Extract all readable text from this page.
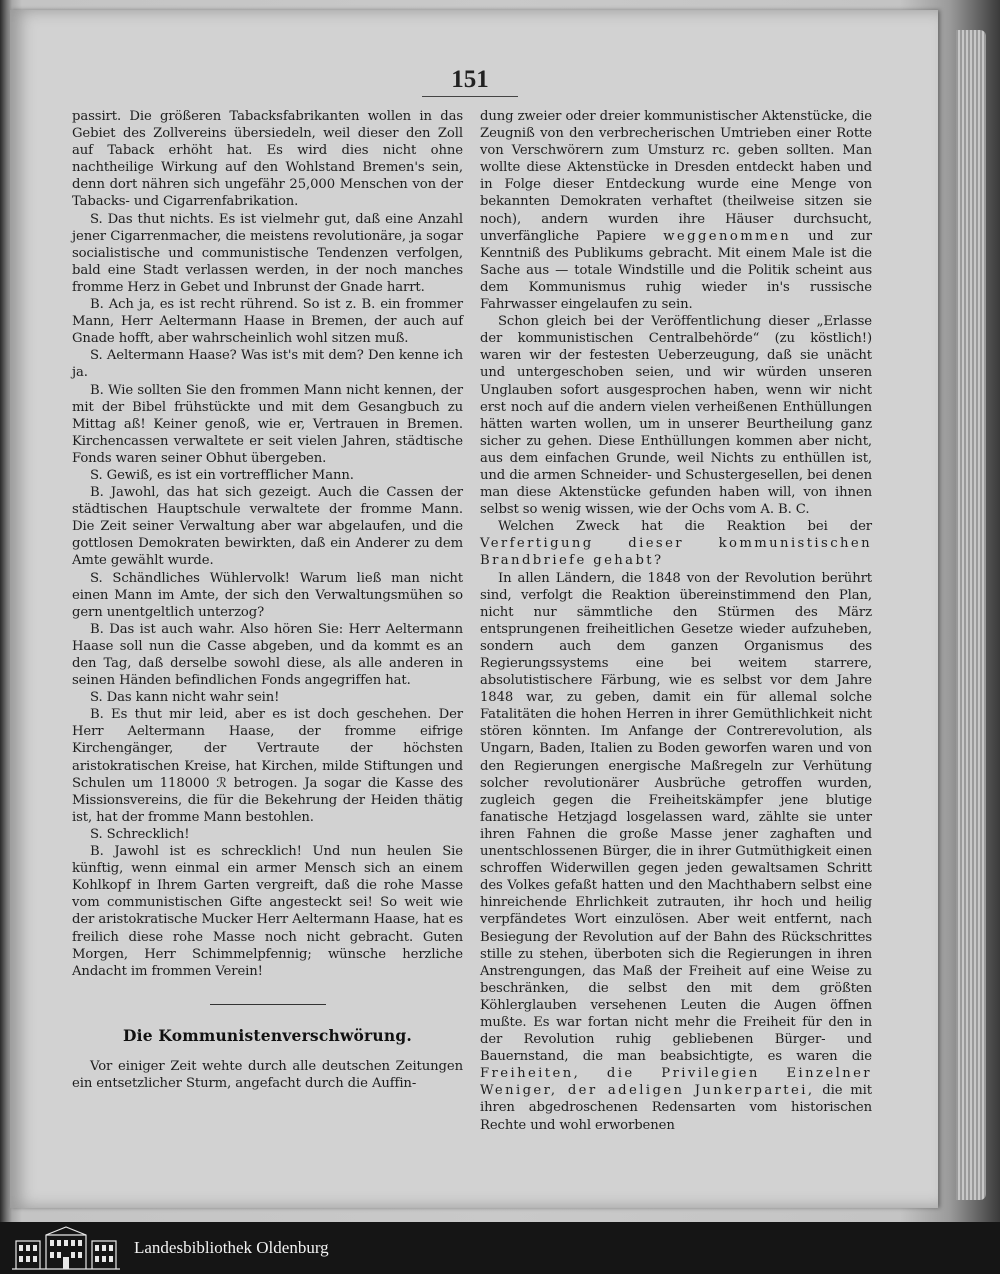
151

passirt. Die größeren Tabacksfabrikanten wollen in das Gebiet des Zollvereins übersiedeln, weil dieser den Zoll auf Taback erhöht hat. Es wird dies nicht ohne nachtheilige Wirkung auf den Wohlstand Bremen's sein, denn dort nähren sich ungefähr 25,000 Menschen von der Tabacks- und Cigarrenfabrikation.

S. Das thut nichts. Es ist vielmehr gut, daß eine Anzahl jener Cigarrenmacher, die meistens revolutionäre, ja sogar socialistische und communistische Tendenzen verfolgen, bald eine Stadt verlassen werden, in der noch manches fromme Herz in Gebet und Inbrunst der Gnade harrt.

B. Ach ja, es ist recht rührend. So ist z. B. ein frommer Mann, Herr Aeltermann Haase in Bremen, der auch auf Gnade hofft, aber wahrscheinlich wohl sitzen muß.

S. Aeltermann Haase? Was ist's mit dem? Den kenne ich ja.

B. Wie sollten Sie den frommen Mann nicht kennen, der mit der Bibel frühstückte und mit dem Gesangbuch zu Mittag aß! Keiner genoß, wie er, Vertrauen in Bremen. Kirchencassen verwaltete er seit vielen Jahren, städtische Fonds waren seiner Obhut übergeben.

S. Gewiß, es ist ein vortrefflicher Mann.

B. Jawohl, das hat sich gezeigt. Auch die Cassen der städtischen Hauptschule verwaltete der fromme Mann. Die Zeit seiner Verwaltung aber war abgelaufen, und die gottlosen Demokraten bewirkten, daß ein Anderer zu dem Amte gewählt wurde.

S. Schändliches Wühlervolk! Warum ließ man nicht einen Mann im Amte, der sich den Verwaltungsmühen so gern unentgeltlich unterzog?

B. Das ist auch wahr. Also hören Sie: Herr Aeltermann Haase soll nun die Casse abgeben, und da kommt es an den Tag, daß derselbe sowohl diese, als alle anderen in seinen Händen befindlichen Fonds angegriffen hat.

S. Das kann nicht wahr sein!

B. Es thut mir leid, aber es ist doch geschehen. Der Herr Aeltermann Haase, der fromme eifrige Kirchengänger, der Vertraute der höchsten aristokratischen Kreise, hat Kirchen, milde Stiftungen und Schulen um 118000 ℛ betrogen. Ja sogar die Kasse des Missionsvereins, die für die Bekehrung der Heiden thätig ist, hat der fromme Mann bestohlen.

S. Schrecklich!

B. Jawohl ist es schrecklich! Und nun heulen Sie künftig, wenn einmal ein armer Mensch sich an einem Kohlkopf in Ihrem Garten vergreift, daß die rohe Masse vom communistischen Gifte angesteckt sei! So weit wie der aristokratische Mucker Herr Aeltermann Haase, hat es freilich diese rohe Masse noch nicht gebracht. Guten Morgen, Herr Schimmelpfennig; wünsche herzliche Andacht im frommen Verein!

Die Kommunistenverschwörung.

Vor einiger Zeit wehte durch alle deutschen Zeitungen ein entsetzlicher Sturm, angefacht durch die Auffin-

dung zweier oder dreier kommunistischer Aktenstücke, die Zeugniß von den verbrecherischen Umtrieben einer Rotte von Verschwörern zum Umsturz rc. geben sollten. Man wollte diese Aktenstücke in Dresden entdeckt haben und in Folge dieser Entdeckung wurde eine Menge von bekannten Demokraten verhaftet (theilweise sitzen sie noch), andern wurden ihre Häuser durchsucht, unverfängliche Papiere weggenommen und zur Kenntniß des Publikums gebracht. Mit einem Male ist die Sache aus — totale Windstille und die Politik scheint aus dem Kommunismus ruhig wieder in's russische Fahrwasser eingelaufen zu sein.

Schon gleich bei der Veröffentlichung dieser „Erlasse der kommunistischen Centralbehörde“ (zu köstlich!) waren wir der festesten Ueberzeugung, daß sie unächt und untergeschoben seien, und wir würden unseren Unglauben sofort ausgesprochen haben, wenn wir nicht erst noch auf die andern vielen verheißenen Enthüllungen hätten warten wollen, um in unserer Beurtheilung ganz sicher zu gehen. Diese Enthüllungen kommen aber nicht, aus dem einfachen Grunde, weil Nichts zu enthüllen ist, und die armen Schneider- und Schustergesellen, bei denen man diese Aktenstücke gefunden haben will, von ihnen selbst so wenig wissen, wie der Ochs vom A. B. C.

Welchen Zweck hat die Reaktion bei der Verfertigung dieser kommunistischen Brandbriefe gehabt?

In allen Ländern, die 1848 von der Revolution berührt sind, verfolgt die Reaktion übereinstimmend den Plan, nicht nur sämmtliche den Stürmen des März entsprungenen freiheitlichen Gesetze wieder aufzuheben, sondern auch dem ganzen Organismus des Regierungssystems eine bei weitem starrere, absolutistischere Färbung, wie es selbst vor dem Jahre 1848 war, zu geben, damit ein für allemal solche Fatalitäten die hohen Herren in ihrer Gemüthlichkeit nicht stören könnten. Im Anfange der Contrerevolution, als Ungarn, Baden, Italien zu Boden geworfen waren und von den Regierungen energische Maßregeln zur Verhütung solcher revolutionärer Ausbrüche getroffen wurden, zugleich gegen die Freiheitskämpfer jene blutige fanatische Hetzjagd losgelassen ward, zählte sie unter ihren Fahnen die große Masse jener zaghaften und unentschlossenen Bürger, die in ihrer Gutmüthigkeit einen schroffen Widerwillen gegen jeden gewaltsamen Schritt des Volkes gefaßt hatten und den Machthabern selbst eine hinreichende Ehrlichkeit zutrauten, ihr hoch und heilig verpfändetes Wort einzulösen. Aber weit entfernt, nach Besiegung der Revolution auf der Bahn des Rückschrittes stille zu stehen, überboten sich die Regierungen in ihren Anstrengungen, das Maß der Freiheit auf eine Weise zu beschränken, die selbst den mit dem größten Köhlerglauben versehenen Leuten die Augen öffnen mußte. Es war fortan nicht mehr die Freiheit für den in der Revolution ruhig gebliebenen Bürger- und Bauernstand, die man beabsichtigte, es waren die Freiheiten, die Privilegien Einzelner Weniger, der adeligen Junkerpartei, die mit ihren abgedroschenen Redensarten vom historischen Rechte und wohl erworbenen

Landesbibliothek Oldenburg
